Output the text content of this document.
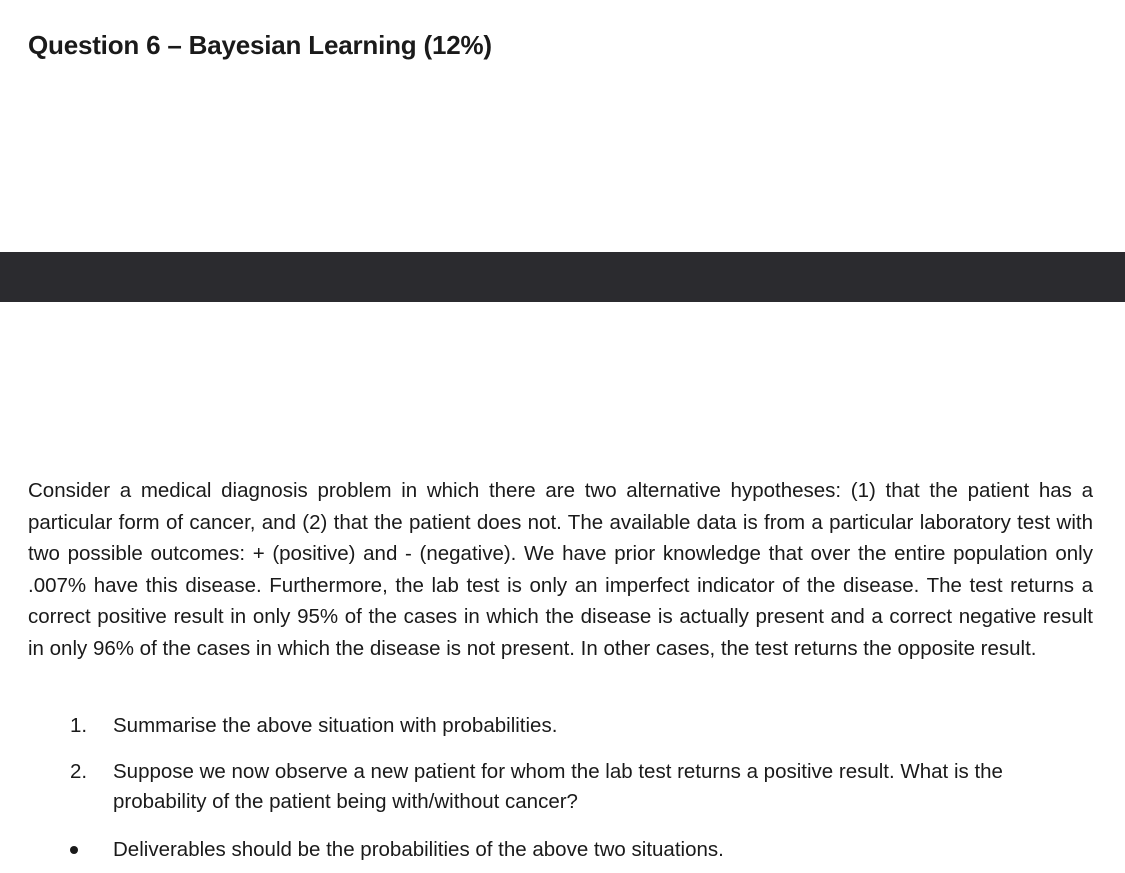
Question 6 – Bayesian Learning (12%)

Consider a medical diagnosis problem in which there are two alternative hypotheses: (1) that the patient has a particular form of cancer, and (2) that the patient does not. The available data is from a particular laboratory test with two possible outcomes: + (positive) and - (negative). We have prior knowledge that over the entire population only .007% have this disease. Furthermore, the lab test is only an imperfect indicator of the disease. The test returns a correct positive result in only 95% of the cases in which the disease is actually present and a correct negative result in only 96% of the cases in which the disease is not present. In other cases, the test returns the opposite result.

1. Summarise the above situation with probabilities.
2. Suppose we now observe a new patient for whom the lab test returns a positive result. What is the probability of the patient being with/without cancer?
Deliverables should be the probabilities of the above two situations.
